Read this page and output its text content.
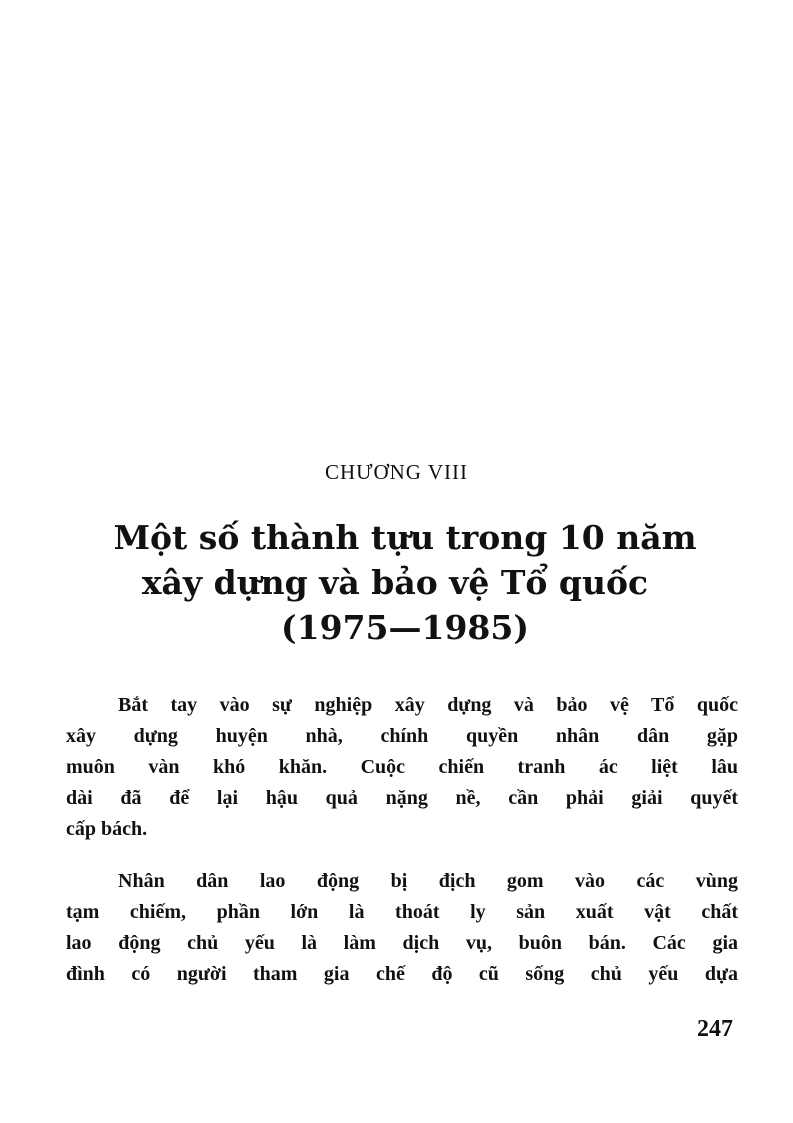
CHƯƠNG VIII
Một số thành tựu trong 10 năm
xây dựng và bảo vệ Tổ quốc
(1975—1985)
Bắt tay vào sự nghiệp xây dựng và bảo vệ Tổ quốc
xây dựng huyện nhà, chính quyền nhân dân gặp
muôn vàn khó khăn. Cuộc chiến tranh ác liệt lâu
dài đã để lại hậu quả nặng nề, cần phải giải quyết
cấp bách.
Nhân dân lao động bị địch gom vào các vùng
tạm chiếm, phần lớn là thoát ly sản xuất vật chất
lao động chủ yếu là làm dịch vụ, buôn bán. Các gia
đình có người tham gia chế độ cũ sống chủ yếu dựa
247
